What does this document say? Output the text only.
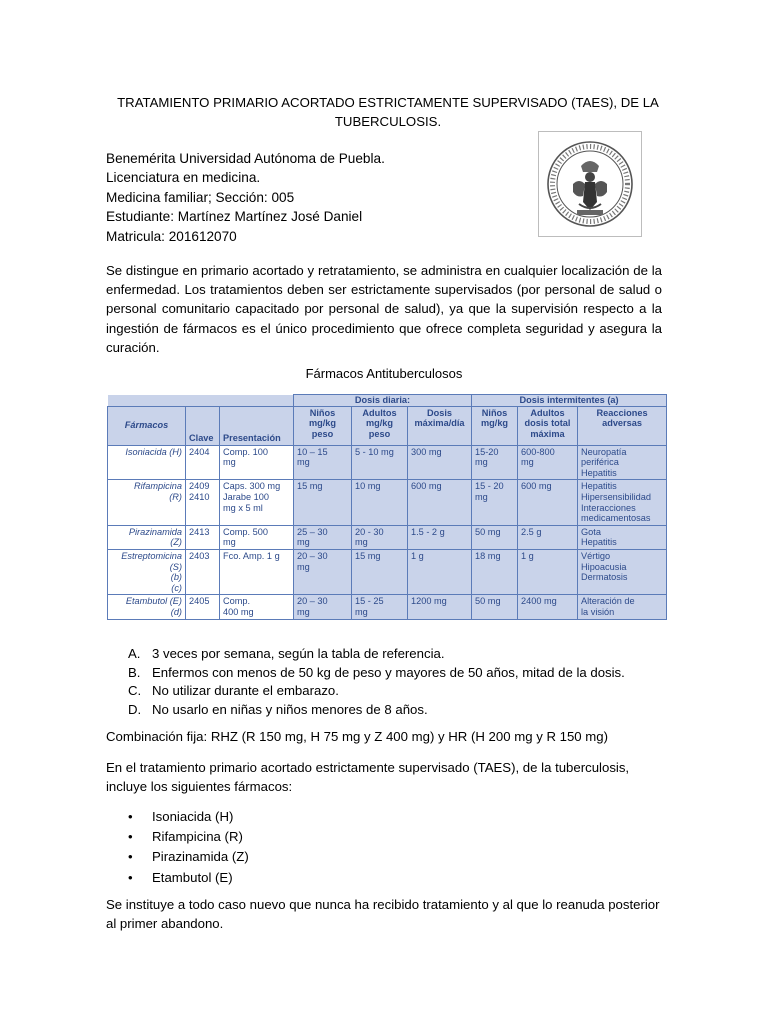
TRATAMIENTO PRIMARIO ACORTADO ESTRICTAMENTE SUPERVISADO (TAES), DE LA TUBERCULOSIS.
Benemérita Universidad Autónoma de Puebla.
Licenciatura en medicina.
Medicina familiar; Sección: 005
Estudiante: Martínez Martínez José Daniel
Matricula: 201612070
Se distingue en primario acortado y retratamiento, se administra en cualquier localización de la enfermedad. Los tratamientos deben ser estrictamente supervisados (por personal de salud o personal comunitario capacitado por personal de salud), ya que la supervisión respecto a la ingestión de fármacos es el único procedimiento que ofrece completa seguridad y asegura la curación.
Fármacos Antituberculosos
			Dosis diaria:			Dosis intermitentes (a)		
Fármacos	Clave	Presentación	Niños mg/kg peso	Adultos mg/kg peso	Dosis máxima/día	Niños mg/kg	Adultos dosis total máxima	Reacciones adversas

Isoniacida (H)	2404	Comp. 100
mg	10 – 15
mg	5 - 10 mg	300 mg	15-20
mg	600-800
mg	Neuropatía
periférica
Hepatitis

Rifampicina
(R)	2409
2410	Caps. 300 mg
Jarabe 100
mg x 5 ml	15 mg	10 mg	600 mg	15 - 20
mg	600 mg	Hepatitis
Hipersensibilidad
Interacciones
medicamentosas

Pirazinamida
(Z)	2413	Comp. 500
mg	25 – 30
mg	20 - 30
mg	1.5 - 2 g	50 mg	2.5 g	Gota
Hepatitis

Estreptomicina
(S)
(b)
(c)	2403	Fco. Amp. 1 g	20 – 30
mg	15 mg	1 g	18 mg	1 g	Vértigo
Hipoacusia
Dermatosis

Etambutol (E)
(d)	2405	Comp.
400 mg	20 – 30
mg	15 - 25
mg	1200 mg	50 mg	2400 mg	Alteración de
la visión
A. 3 veces por semana, según la tabla de referencia.
B. Enfermos con menos de 50 kg de peso y mayores de 50 años, mitad de la dosis.
C. No utilizar durante el embarazo.
D. No usarlo en niñas y niños menores de 8 años.
Combinación fija: RHZ (R 150 mg, H 75 mg y Z 400 mg) y HR (H 200 mg y R 150 mg)
En el tratamiento primario acortado estrictamente supervisado (TAES), de la tuberculosis, incluye los siguientes fármacos:
• Isoniacida (H)
• Rifampicina (R)
• Pirazinamida (Z)
• Etambutol (E)
Se instituye a todo caso nuevo que nunca ha recibido tratamiento y al que lo reanuda posterior al primer abandono.
